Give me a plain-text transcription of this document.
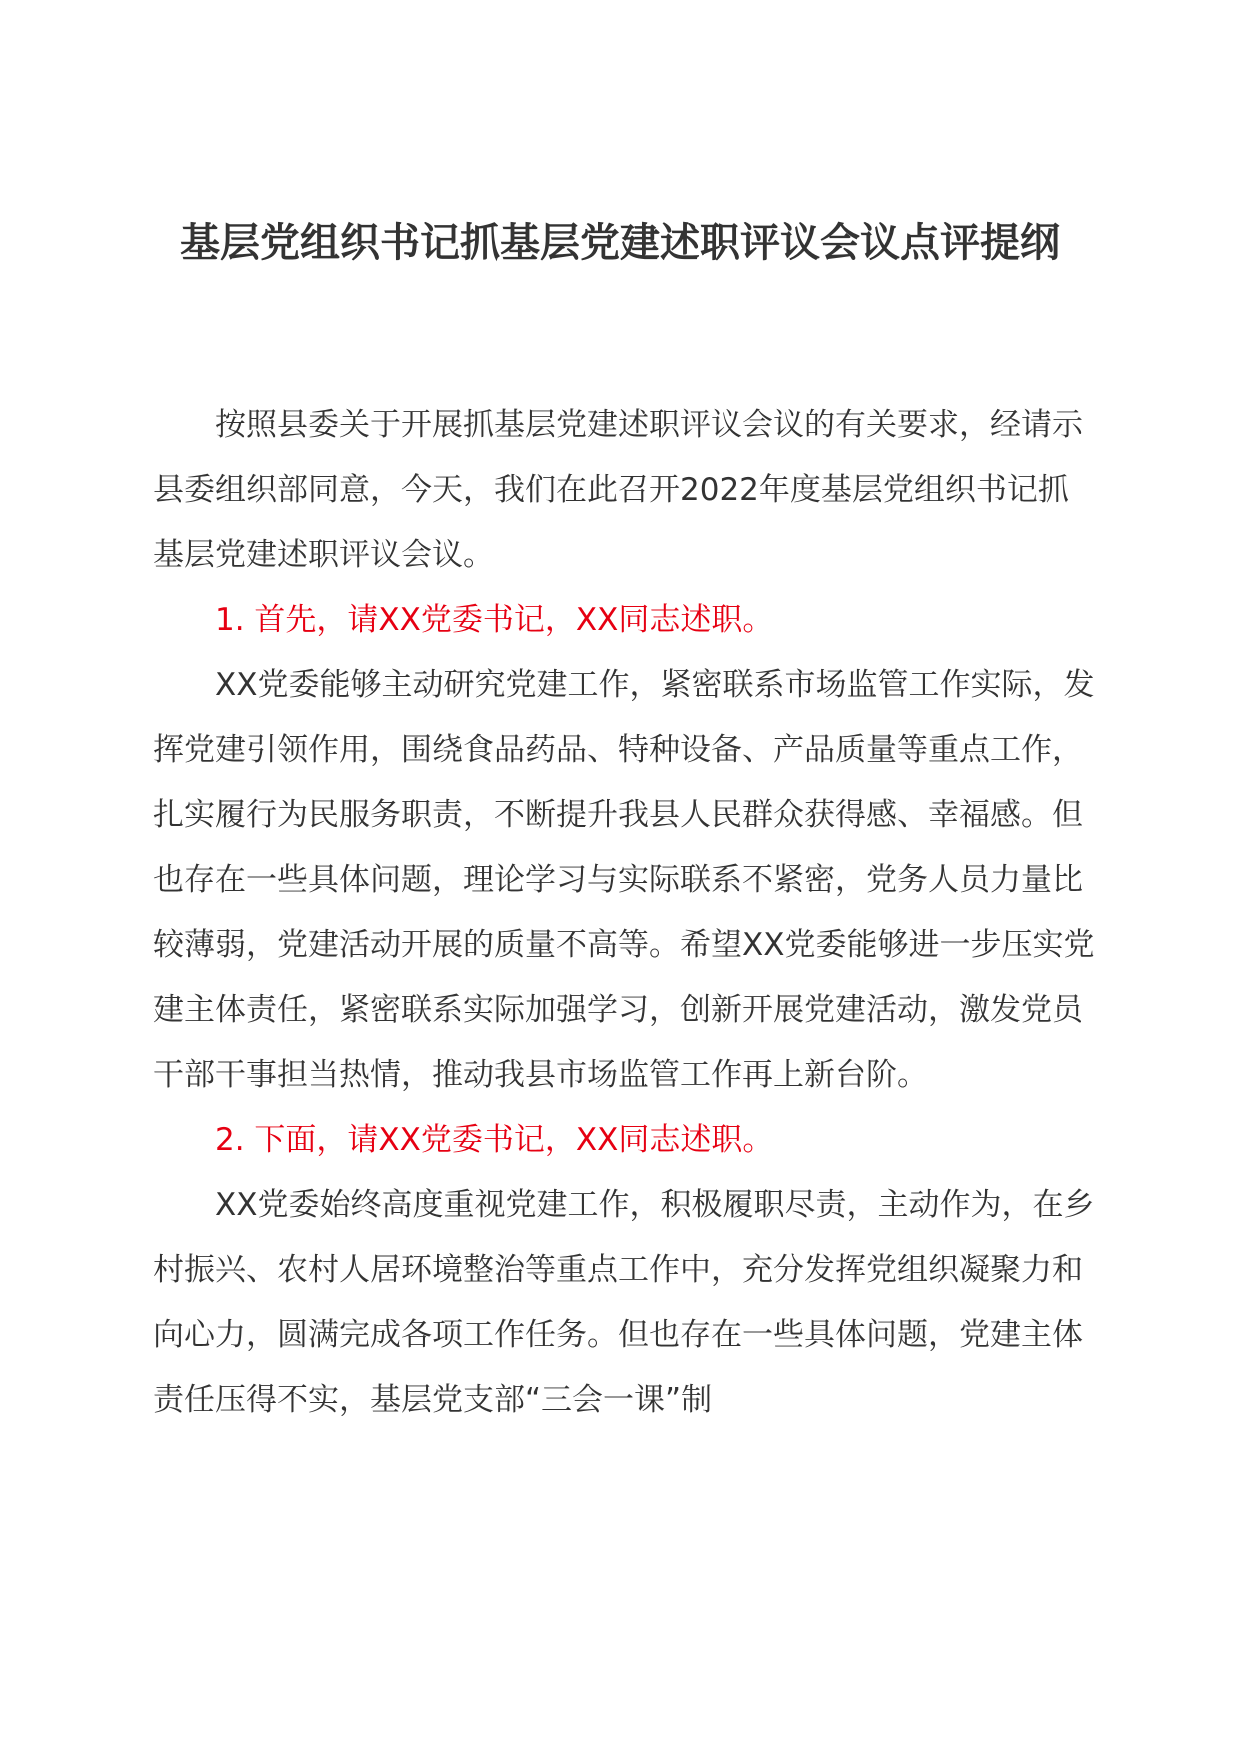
基层党组织书记抓基层党建述职评议会议点评提纲

按照县委关于开展抓基层党建述职评议会议的有关要求，经请示县委组织部同意，今天，我们在此召开2022年度基层党组织书记抓基层党建述职评议会议。

1. 首先，请XX党委书记，XX同志述职。

XX党委能够主动研究党建工作，紧密联系市场监管工作实际，发挥党建引领作用，围绕食品药品、特种设备、产品质量等重点工作，扎实履行为民服务职责，不断提升我县人民群众获得感、幸福感。但也存在一些具体问题，理论学习与实际联系不紧密，党务人员力量比较薄弱，党建活动开展的质量不高等。希望XX党委能够进一步压实党建主体责任，紧密联系实际加强学习，创新开展党建活动，激发党员干部干事担当热情，推动我县市场监管工作再上新台阶。

2. 下面，请XX党委书记，XX同志述职。

XX党委始终高度重视党建工作，积极履职尽责，主动作为，在乡村振兴、农村人居环境整治等重点工作中，充分发挥党组织凝聚力和向心力，圆满完成各项工作任务。但也存在一些具体问题，党建主体责任压得不实，基层党支部“三会一课”制
